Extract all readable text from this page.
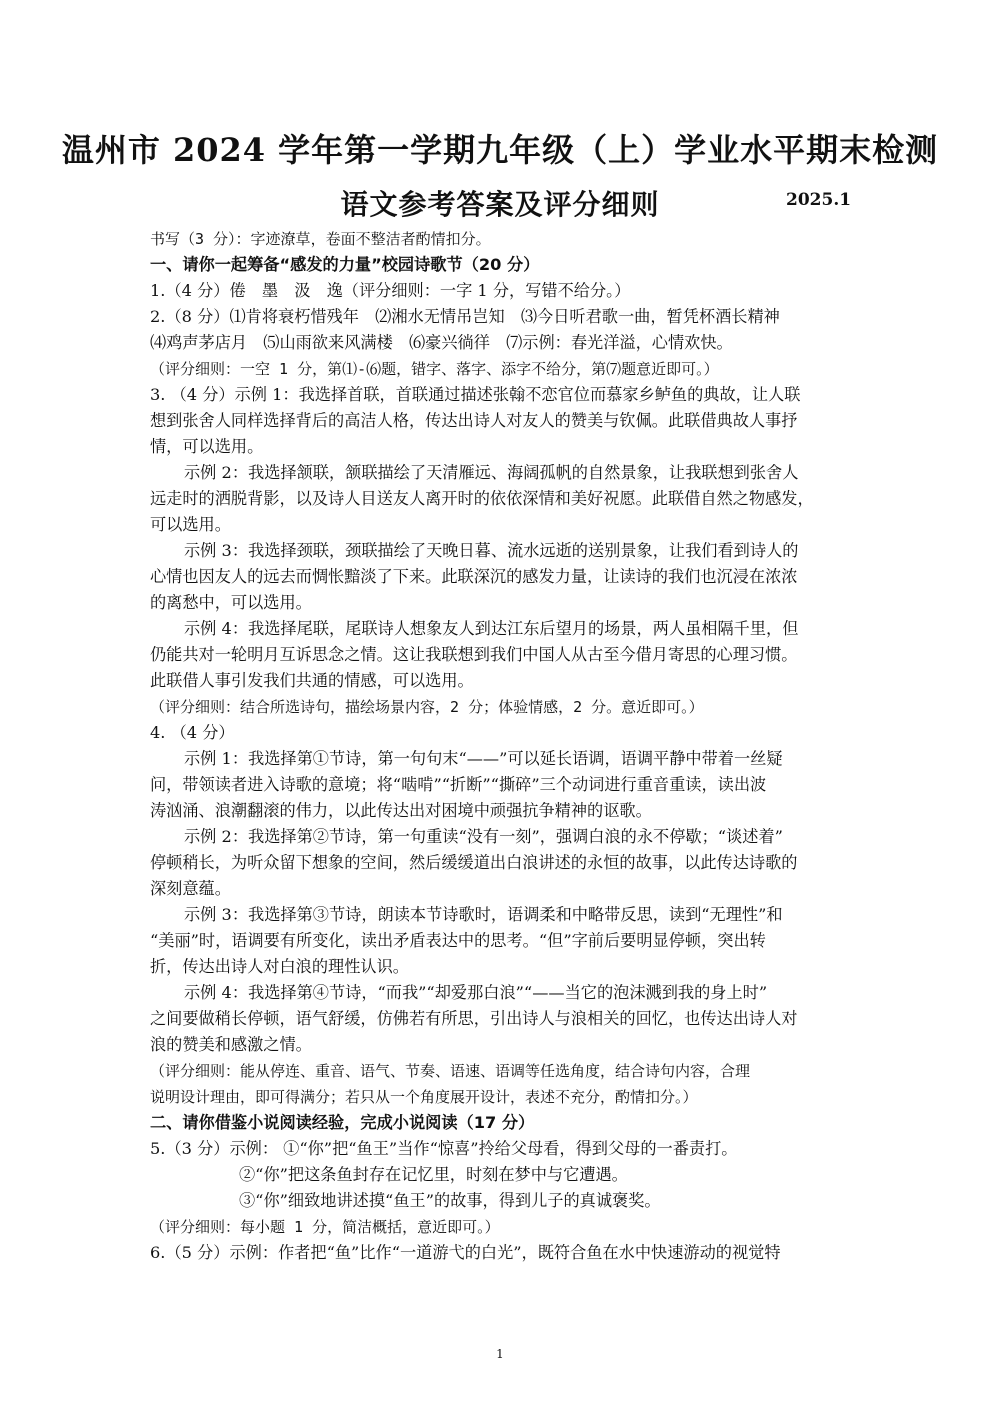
温州市 2024 学年第一学期九年级（上）学业水平期末检测
语文参考答案及评分细则	2025.1
书写（3 分）：字迹潦草，卷面不整洁者酌情扣分。
一、请你一起筹备“感发的力量”校园诗歌节（20 分）
1.（4 分）倦　墨　汲　逸（评分细则：一字 1 分，写错不给分。）
2.（8 分）⑴肯将衰朽惜残年　⑵湘水无情吊岂知　⑶今日听君歌一曲，暂凭杯酒长精神
⑷鸡声茅店月　⑸山雨欲来风满楼　⑹豪兴徜徉　⑺示例：春光洋溢，心情欢快。
（评分细则：一空 1 分，第⑴-⑹题，错字、落字、添字不给分，第⑺题意近即可。）
3. （4 分）示例 1：我选择首联，首联通过描述张翰不恋官位而慕家乡鲈鱼的典故，让人联
想到张舍人同样选择背后的高洁人格，传达出诗人对友人的赞美与钦佩。此联借典故人事抒
情，可以选用。
示例 2：我选择颔联，颔联描绘了天清雁远、海阔孤帆的自然景象，让我联想到张舍人
远走时的洒脱背影，以及诗人目送友人离开时的依依深情和美好祝愿。此联借自然之物感发，
可以选用。
示例 3：我选择颈联，颈联描绘了天晚日暮、流水远逝的送别景象，让我们看到诗人的
心情也因友人的远去而惆怅黯淡了下来。此联深沉的感发力量，让读诗的我们也沉浸在浓浓
的离愁中，可以选用。
示例 4：我选择尾联，尾联诗人想象友人到达江东后望月的场景，两人虽相隔千里，但
仍能共对一轮明月互诉思念之情。这让我联想到我们中国人从古至今借月寄思的心理习惯。
此联借人事引发我们共通的情感，可以选用。
（评分细则：结合所选诗句，描绘场景内容，2 分；体验情感，2 分。意近即可。）
4. （4 分）
示例 1：我选择第①节诗，第一句句末“——”可以延长语调，语调平静中带着一丝疑
问，带领读者进入诗歌的意境；将“啮啃”“折断”“撕碎”三个动词进行重音重读，读出波
涛汹涌、浪潮翻滚的伟力，以此传达出对困境中顽强抗争精神的讴歌。
示例 2：我选择第②节诗，第一句重读“没有一刻”，强调白浪的永不停歇；“谈述着”
停顿稍长，为听众留下想象的空间，然后缓缓道出白浪讲述的永恒的故事，以此传达诗歌的
深刻意蕴。
示例 3：我选择第③节诗，朗读本节诗歌时，语调柔和中略带反思，读到“无理性”和
“美丽”时，语调要有所变化，读出矛盾表达中的思考。“但”字前后要明显停顿，突出转
折，传达出诗人对白浪的理性认识。
示例 4：我选择第④节诗，“而我”“却爱那白浪”“——当它的泡沫溅到我的身上时”
之间要做稍长停顿，语气舒缓，仿佛若有所思，引出诗人与浪相关的回忆，也传达出诗人对
浪的赞美和感激之情。
（评分细则：能从停连、重音、语气、节奏、语速、语调等任选角度，结合诗句内容，合理
说明设计理由，即可得满分；若只从一个角度展开设计，表述不充分，酌情扣分。）
二、请你借鉴小说阅读经验，完成小说阅读（17 分）
5.（3 分）示例： ①“你”把“鱼王”当作“惊喜”拎给父母看，得到父母的一番责打。
②“你”把这条鱼封存在记忆里，时刻在梦中与它遭遇。
③“你”细致地讲述摸“鱼王”的故事，得到儿子的真诚褒奖。
（评分细则：每小题 1 分，简洁概括，意近即可。）
6.（5 分）示例：作者把“鱼”比作“一道游弋的白光”，既符合鱼在水中快速游动的视觉特
1
